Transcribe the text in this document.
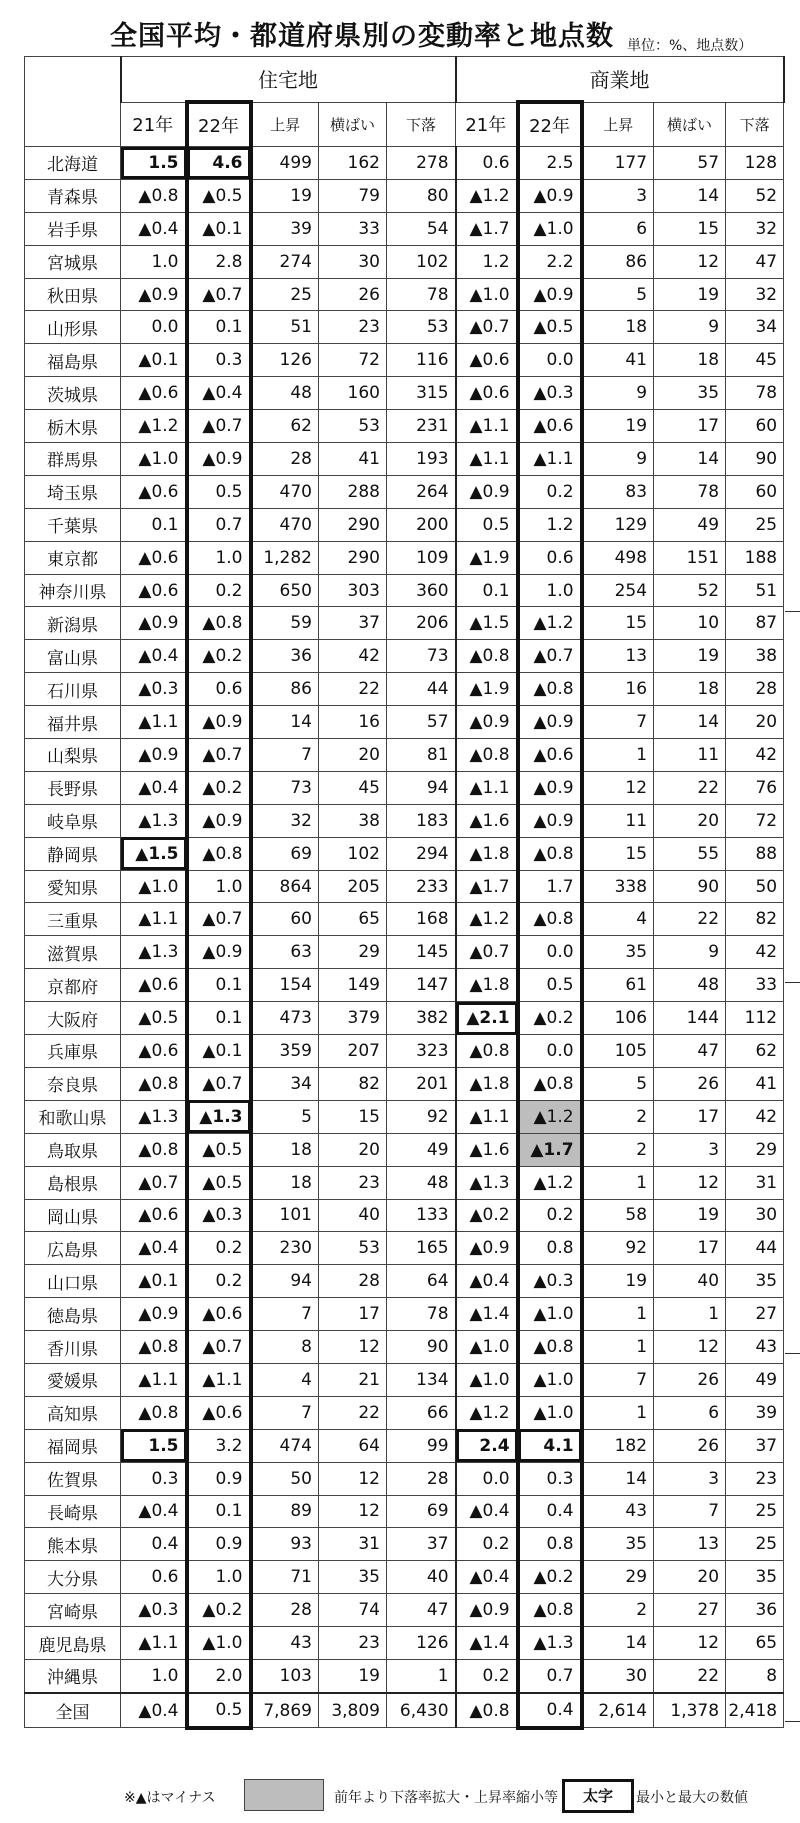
全国平均・都道府県別の変動率と地点数 単位：%、地点数）
	住宅地					商業地				
	21年	22年	上昇	横ばい	下落	21年	22年	上昇	横ばい	下落
北海道	1.5	4.6	499	162	278	0.6	2.5	177	57	128
青森県	▲0.8	▲0.5	19	79	80	▲1.2	▲0.9	3	14	52
岩手県	▲0.4	▲0.1	39	33	54	▲1.7	▲1.0	6	15	32
宮城県	1.0	2.8	274	30	102	1.2	2.2	86	12	47
秋田県	▲0.9	▲0.7	25	26	78	▲1.0	▲0.9	5	19	32
山形県	0.0	0.1	51	23	53	▲0.7	▲0.5	18	9	34
福島県	▲0.1	0.3	126	72	116	▲0.6	0.0	41	18	45
茨城県	▲0.6	▲0.4	48	160	315	▲0.6	▲0.3	9	35	78
栃木県	▲1.2	▲0.7	62	53	231	▲1.1	▲0.6	19	17	60
群馬県	▲1.0	▲0.9	28	41	193	▲1.1	▲1.1	9	14	90
埼玉県	▲0.6	0.5	470	288	264	▲0.9	0.2	83	78	60
千葉県	0.1	0.7	470	290	200	0.5	1.2	129	49	25
東京都	▲0.6	1.0	1,282	290	109	▲1.9	0.6	498	151	188
神奈川県	▲0.6	0.2	650	303	360	0.1	1.0	254	52	51
新潟県	▲0.9	▲0.8	59	37	206	▲1.5	▲1.2	15	10	87
富山県	▲0.4	▲0.2	36	42	73	▲0.8	▲0.7	13	19	38
石川県	▲0.3	0.6	86	22	44	▲1.9	▲0.8	16	18	28
福井県	▲1.1	▲0.9	14	16	57	▲0.9	▲0.9	7	14	20
山梨県	▲0.9	▲0.7	7	20	81	▲0.8	▲0.6	1	11	42
長野県	▲0.4	▲0.2	73	45	94	▲1.1	▲0.9	12	22	76
岐阜県	▲1.3	▲0.9	32	38	183	▲1.6	▲0.9	11	20	72
静岡県	▲1.5	▲0.8	69	102	294	▲1.8	▲0.8	15	55	88
愛知県	▲1.0	1.0	864	205	233	▲1.7	1.7	338	90	50
三重県	▲1.1	▲0.7	60	65	168	▲1.2	▲0.8	4	22	82
滋賀県	▲1.3	▲0.9	63	29	145	▲0.7	0.0	35	9	42
京都府	▲0.6	0.1	154	149	147	▲1.8	0.5	61	48	33
大阪府	▲0.5	0.1	473	379	382	▲2.1	▲0.2	106	144	112
兵庫県	▲0.6	▲0.1	359	207	323	▲0.8	0.0	105	47	62
奈良県	▲0.8	▲0.7	34	82	201	▲1.8	▲0.8	5	26	41
和歌山県	▲1.3	▲1.3	5	15	92	▲1.1	▲1.2	2	17	42
鳥取県	▲0.8	▲0.5	18	20	49	▲1.6	▲1.7	2	3	29
島根県	▲0.7	▲0.5	18	23	48	▲1.3	▲1.2	1	12	31
岡山県	▲0.6	▲0.3	101	40	133	▲0.2	0.2	58	19	30
広島県	▲0.4	0.2	230	53	165	▲0.9	0.8	92	17	44
山口県	▲0.1	0.2	94	28	64	▲0.4	▲0.3	19	40	35
徳島県	▲0.9	▲0.6	7	17	78	▲1.4	▲1.0	1	1	27
香川県	▲0.8	▲0.7	8	12	90	▲1.0	▲0.8	1	12	43
愛媛県	▲1.1	▲1.1	4	21	134	▲1.0	▲1.0	7	26	49
高知県	▲0.8	▲0.6	7	22	66	▲1.2	▲1.0	1	6	39
福岡県	1.5	3.2	474	64	99	2.4	4.1	182	26	37
佐賀県	0.3	0.9	50	12	28	0.0	0.3	14	3	23
長崎県	▲0.4	0.1	89	12	69	▲0.4	0.4	43	7	25
熊本県	0.4	0.9	93	31	37	0.2	0.8	35	13	25
大分県	0.6	1.0	71	35	40	▲0.4	▲0.2	29	20	35
宮崎県	▲0.3	▲0.2	28	74	47	▲0.9	▲0.8	2	27	36
鹿児島県	▲1.1	▲1.0	43	23	126	▲1.4	▲1.3	14	12	65
沖縄県	1.0	2.0	103	19	1	0.2	0.7	30	22	8
全国	▲0.4	0.5	7,869	3,809	6,430	▲0.8	0.4	2,614	1,378	2,418
※▲はマイナス	前年より下落率拡大・上昇率縮小等	太字	最小と最大の数値
